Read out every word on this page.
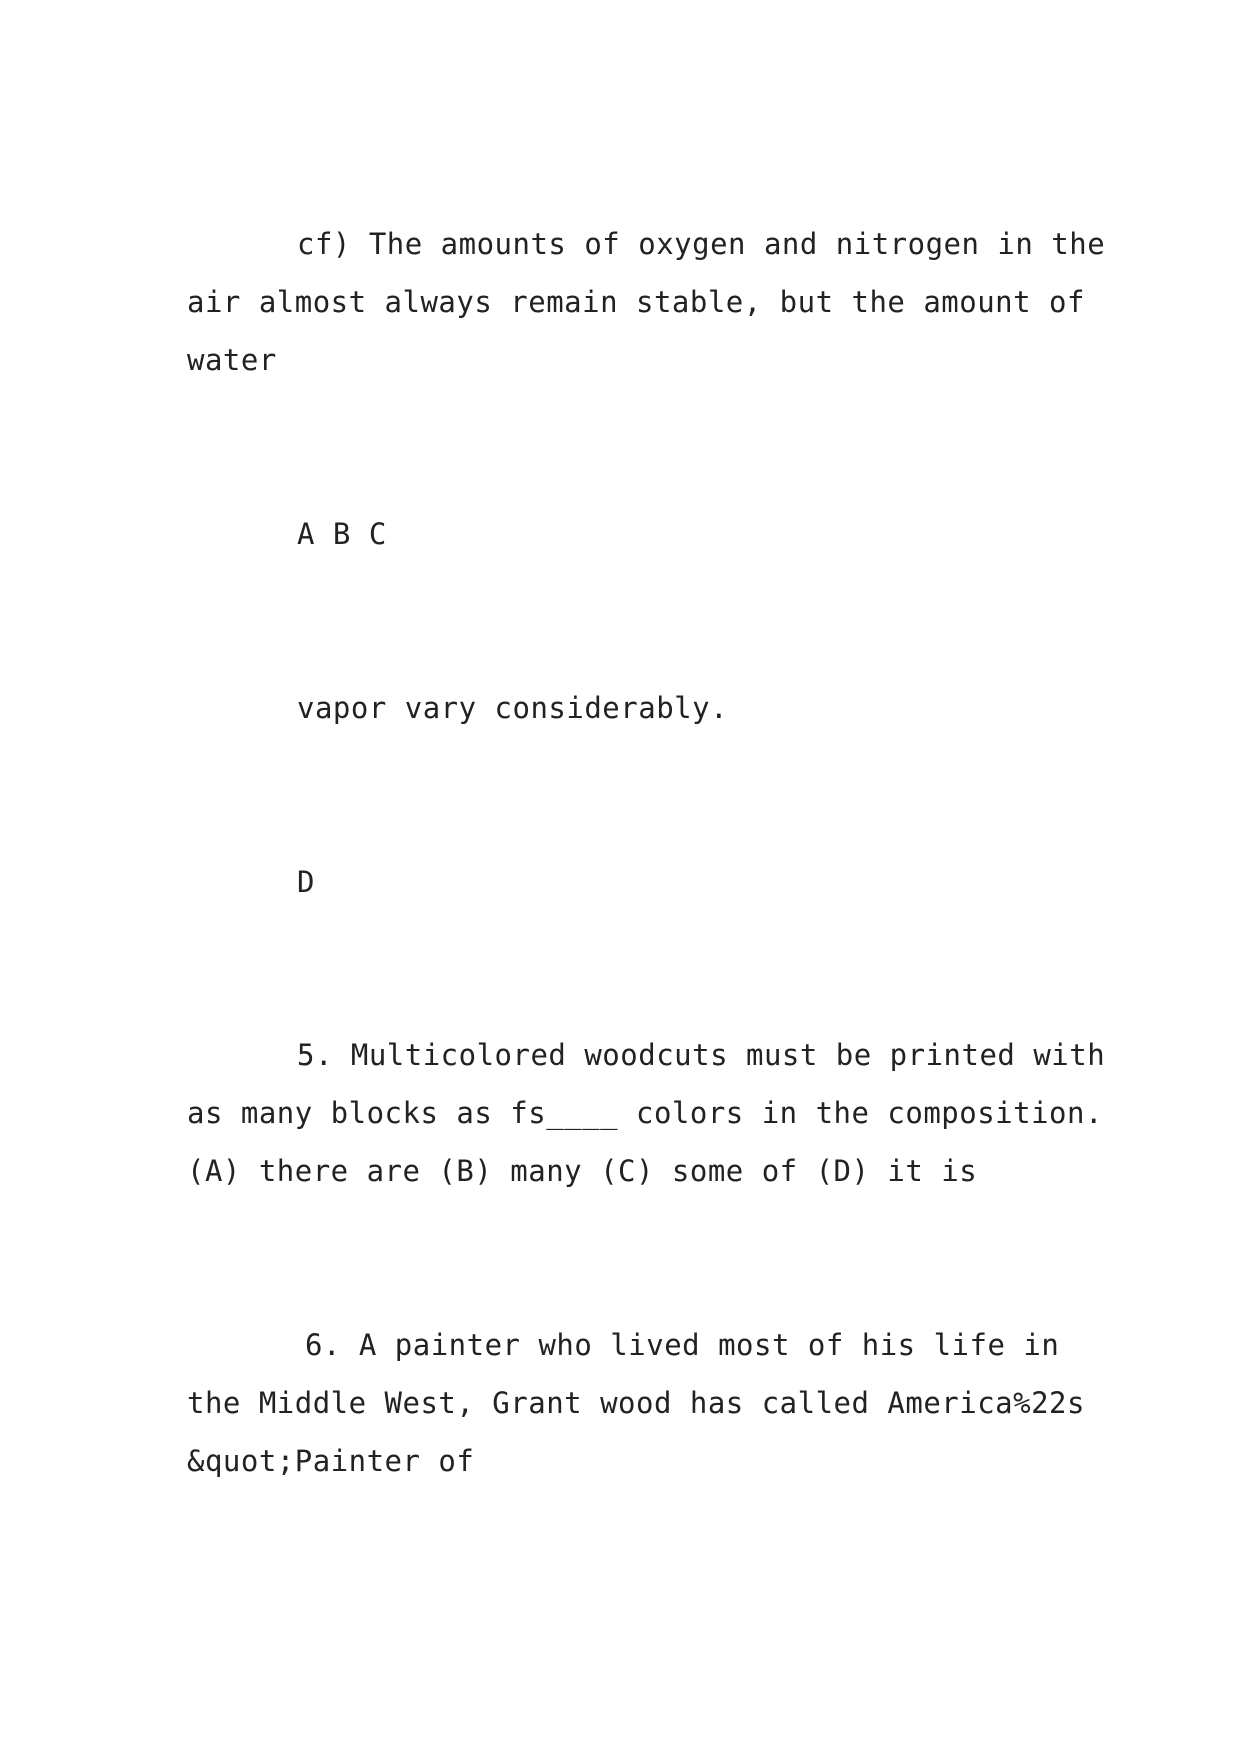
cf) The amounts of oxygen and nitrogen in the
air almost always remain stable, but the amount of
water
A B C
vapor vary considerably.
D
5. Multicolored woodcuts must be printed with
as many blocks as fs____ colors in the composition.
(A) there are (B) many (C) some of (D) it is
6. A painter who lived most of his life in
the Middle West, Grant wood has called America%22s
&quot;Painter of
